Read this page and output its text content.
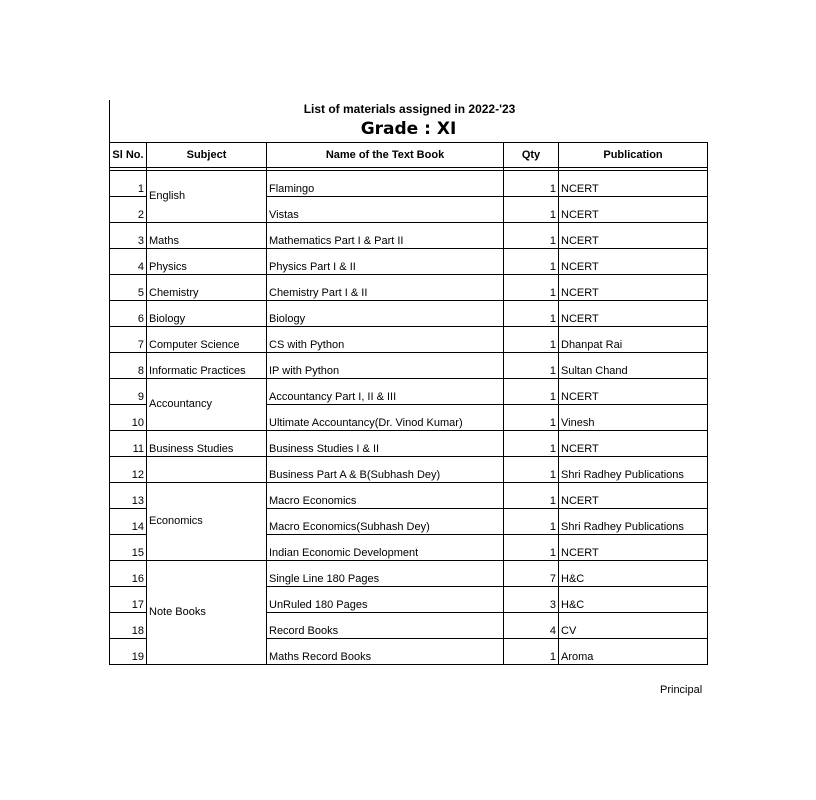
List of materials assigned in 2022-'23
Grade : XI
Sl No.	Subject	Name of the Text Book	Qty	Publication

1	English	Flamingo	1	NCERT
2		Vistas	1	NCERT
3	Maths	Mathematics Part I & Part II	1	NCERT
4	Physics	Physics Part I & II	1	NCERT
5	Chemistry	Chemistry Part I & II	1	NCERT
6	Biology	Biology	1	NCERT
7	Computer Science	CS with Python	1	Dhanpat Rai
8	Informatic Practices	IP with Python	1	Sultan Chand
9	Accountancy	Accountancy Part I, II & III	1	NCERT
10		Ultimate Accountancy(Dr. Vinod Kumar)	1	Vinesh
11	Business Studies	Business Studies I & II	1	NCERT
12		Business Part A & B(Subhash Dey)	1	Shri Radhey Publications
13	Economics	Macro Economics	1	NCERT
14		Macro Economics(Subhash Dey)	1	Shri Radhey Publications
15		Indian Economic Development	1	NCERT
16	Note Books	Single Line 180 Pages	7	H&C
17		UnRuled 180 Pages	3	H&C
18		Record Books	4	CV
19		Maths Record Books	1	Aroma
Principal
